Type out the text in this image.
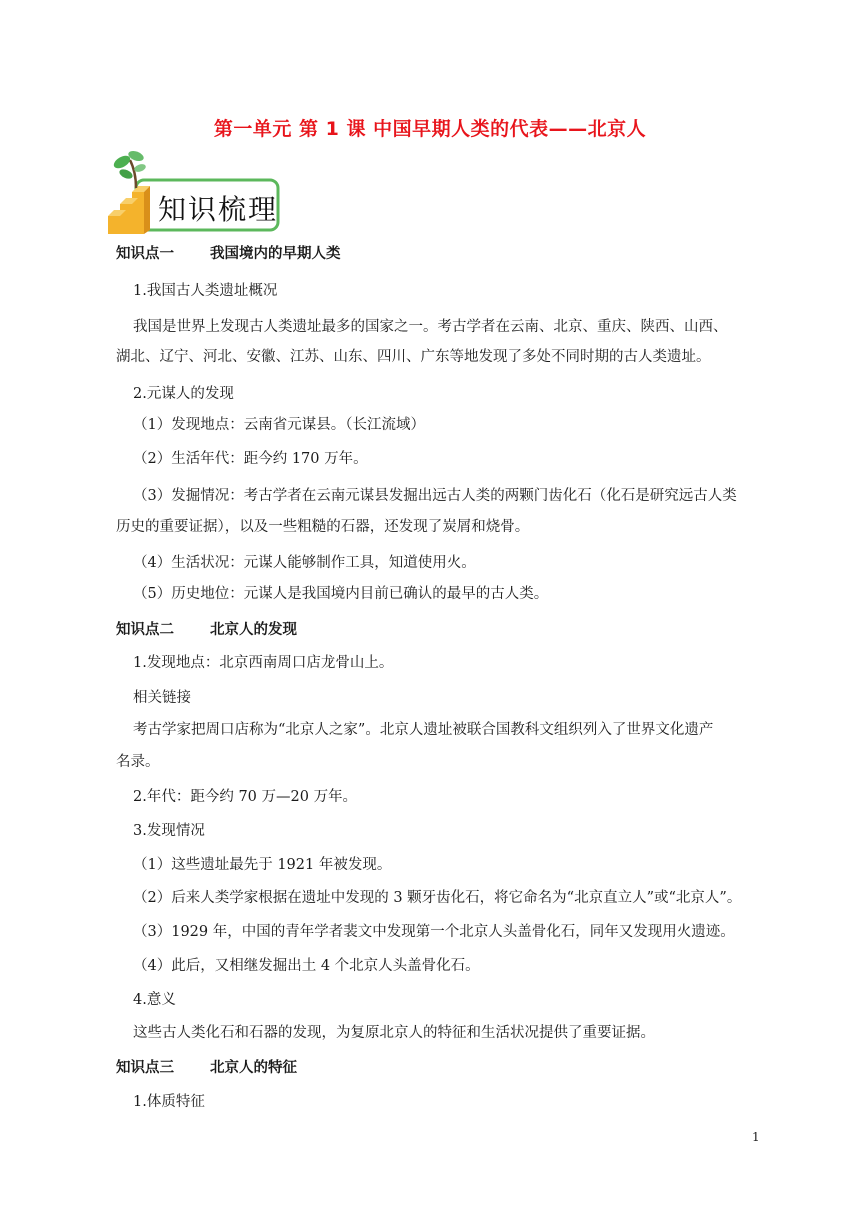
第一单元 第 1 课 中国早期人类的代表——北京人
知识梳理
知识点一 我国境内的早期人类
1.我国古人类遗址概况
我国是世界上发现古人类遗址最多的国家之一。考古学者在云南、北京、重庆、陕西、山西、
湖北、辽宁、河北、安徽、江苏、山东、四川、广东等地发现了多处不同时期的古人类遗址。
2.元谋人的发现
（1）发现地点：云南省元谋县。（长江流域）
（2）生活年代：距今约 170 万年。
（3）发掘情况：考古学者在云南元谋县发掘出远古人类的两颗门齿化石（化石是研究远古人类
历史的重要证据），以及一些粗糙的石器，还发现了炭屑和烧骨。
（4）生活状况：元谋人能够制作工具，知道使用火。
（5）历史地位：元谋人是我国境内目前已确认的最早的古人类。
知识点二 北京人的发现
1.发现地点：北京西南周口店龙骨山上。
相关链接
考古学家把周口店称为“北京人之家”。北京人遗址被联合国教科文组织列入了世界文化遗产
名录。
2.年代：距今约 70 万—20 万年。
3.发现情况
（1）这些遗址最先于 1921 年被发现。
（2）后来人类学家根据在遗址中发现的 3 颗牙齿化石，将它命名为“北京直立人”或“北京人”。
（3）1929 年，中国的青年学者裴文中发现第一个北京人头盖骨化石，同年又发现用火遗迹。
（4）此后，又相继发掘出土 4 个北京人头盖骨化石。
4.意义
这些古人类化石和石器的发现，为复原北京人的特征和生活状况提供了重要证据。
知识点三 北京人的特征
1.体质特征
1
